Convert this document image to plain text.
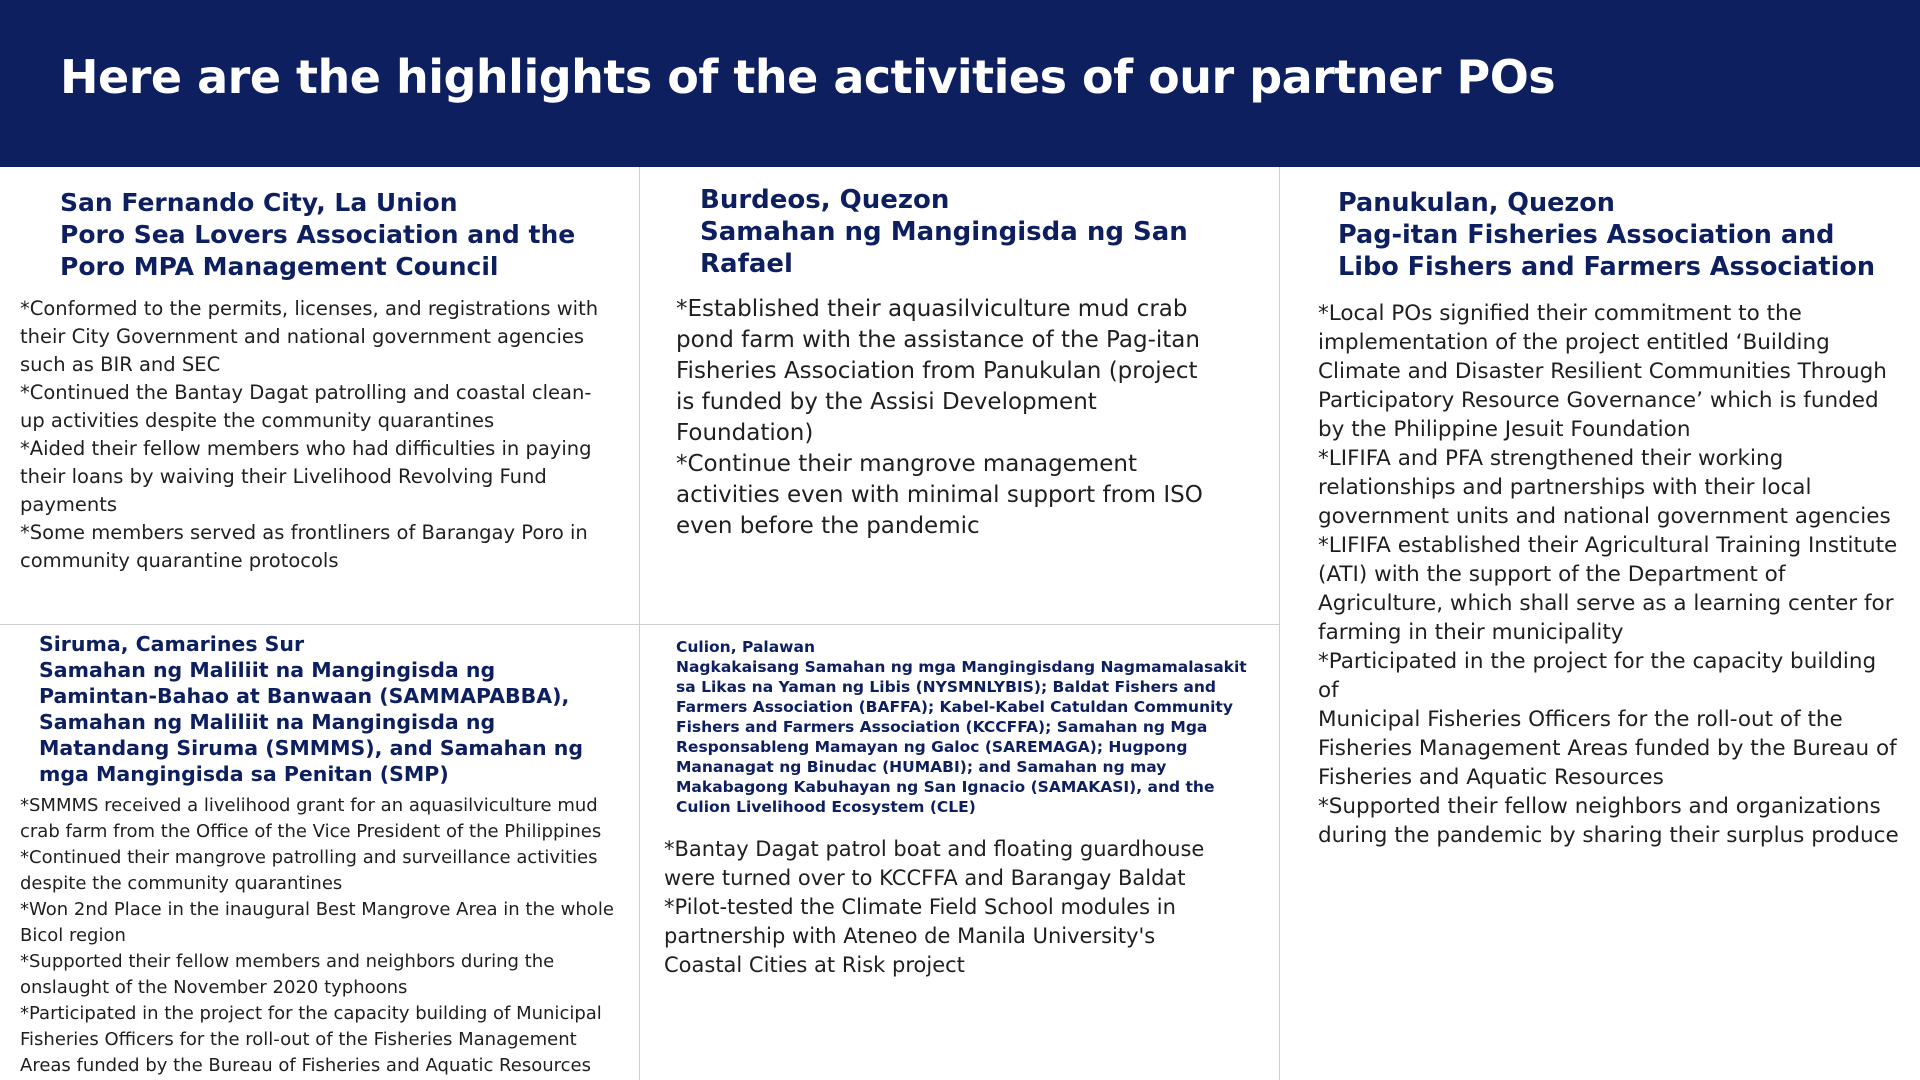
Here are the highlights of the activities of our partner POs
San Fernando City, La Union
Poro Sea Lovers Association and the
Poro MPA Management Council
*Conformed to the permits, licenses, and registrations with
their City Government and national government agencies
such as BIR and SEC
*Continued the Bantay Dagat patrolling and coastal clean-
up activities despite the community quarantines
*Aided their fellow members who had difficulties in paying
their loans by waiving their Livelihood Revolving Fund
payments
*Some members served as frontliners of Barangay Poro in
community quarantine protocols
Burdeos, Quezon
Samahan ng Mangingisda ng San
Rafael
*Established their aquasilviculture mud crab
pond farm with the assistance of the Pag-itan
Fisheries Association from Panukulan (project
is funded by the Assisi Development
Foundation)
*Continue their mangrove management
activities even with minimal support from ISO
even before the pandemic
Panukulan, Quezon
Pag-itan Fisheries Association and
Libo Fishers and Farmers Association
*Local POs signified their commitment to the
implementation of the project entitled ‘Building
Climate and Disaster Resilient Communities Through
Participatory Resource Governance’ which is funded
by the Philippine Jesuit Foundation
*LIFIFA and PFA strengthened their working
relationships and partnerships with their local
government units and national government agencies
*LIFIFA established their Agricultural Training Institute
(ATI) with the support of the Department of
Agriculture, which shall serve as a learning center for
farming in their municipality
*Participated in the project for the capacity building of
Municipal Fisheries Officers for the roll-out of the
Fisheries Management Areas funded by the Bureau of
Fisheries and Aquatic Resources
*Supported their fellow neighbors and organizations
during the pandemic by sharing their surplus produce
Siruma, Camarines Sur
Samahan ng Maliliit na Mangingisda ng
Pamintan-Bahao at Banwaan (SAMMAPABBA),
Samahan ng Maliliit na Mangingisda ng
Matandang Siruma (SMMMS), and Samahan ng
mga Mangingisda sa Penitan (SMP)
*SMMMS received a livelihood grant for an aquasilviculture mud
crab farm from the Office of the Vice President of the Philippines
*Continued their mangrove patrolling and surveillance activities
despite the community quarantines
*Won 2nd Place in the inaugural Best Mangrove Area in the whole
Bicol region
*Supported their fellow members and neighbors during the
onslaught of the November 2020 typhoons
*Participated in the project for the capacity building of Municipal
Fisheries Officers for the roll-out of the Fisheries Management
Areas funded by the Bureau of Fisheries and Aquatic Resources
Culion, Palawan
Nagkakaisang Samahan ng mga Mangingisdang Nagmamalasakit
sa Likas na Yaman ng Libis (NYSMNLYBIS); Baldat Fishers and
Farmers Association (BAFFA); Kabel-Kabel Catuldan Community
Fishers and Farmers Association (KCCFFA); Samahan ng Mga
Responsableng Mamayan ng Galoc (SAREMAGA); Hugpong
Mananagat ng Binudac (HUMABI); and Samahan ng may
Makabagong Kabuhayan ng San Ignacio (SAMAKASI), and the
Culion Livelihood Ecosystem (CLE)
*Bantay Dagat patrol boat and floating guardhouse
were turned over to KCCFFA and Barangay Baldat
*Pilot-tested the Climate Field School modules in
partnership with Ateneo de Manila University's
Coastal Cities at Risk project
